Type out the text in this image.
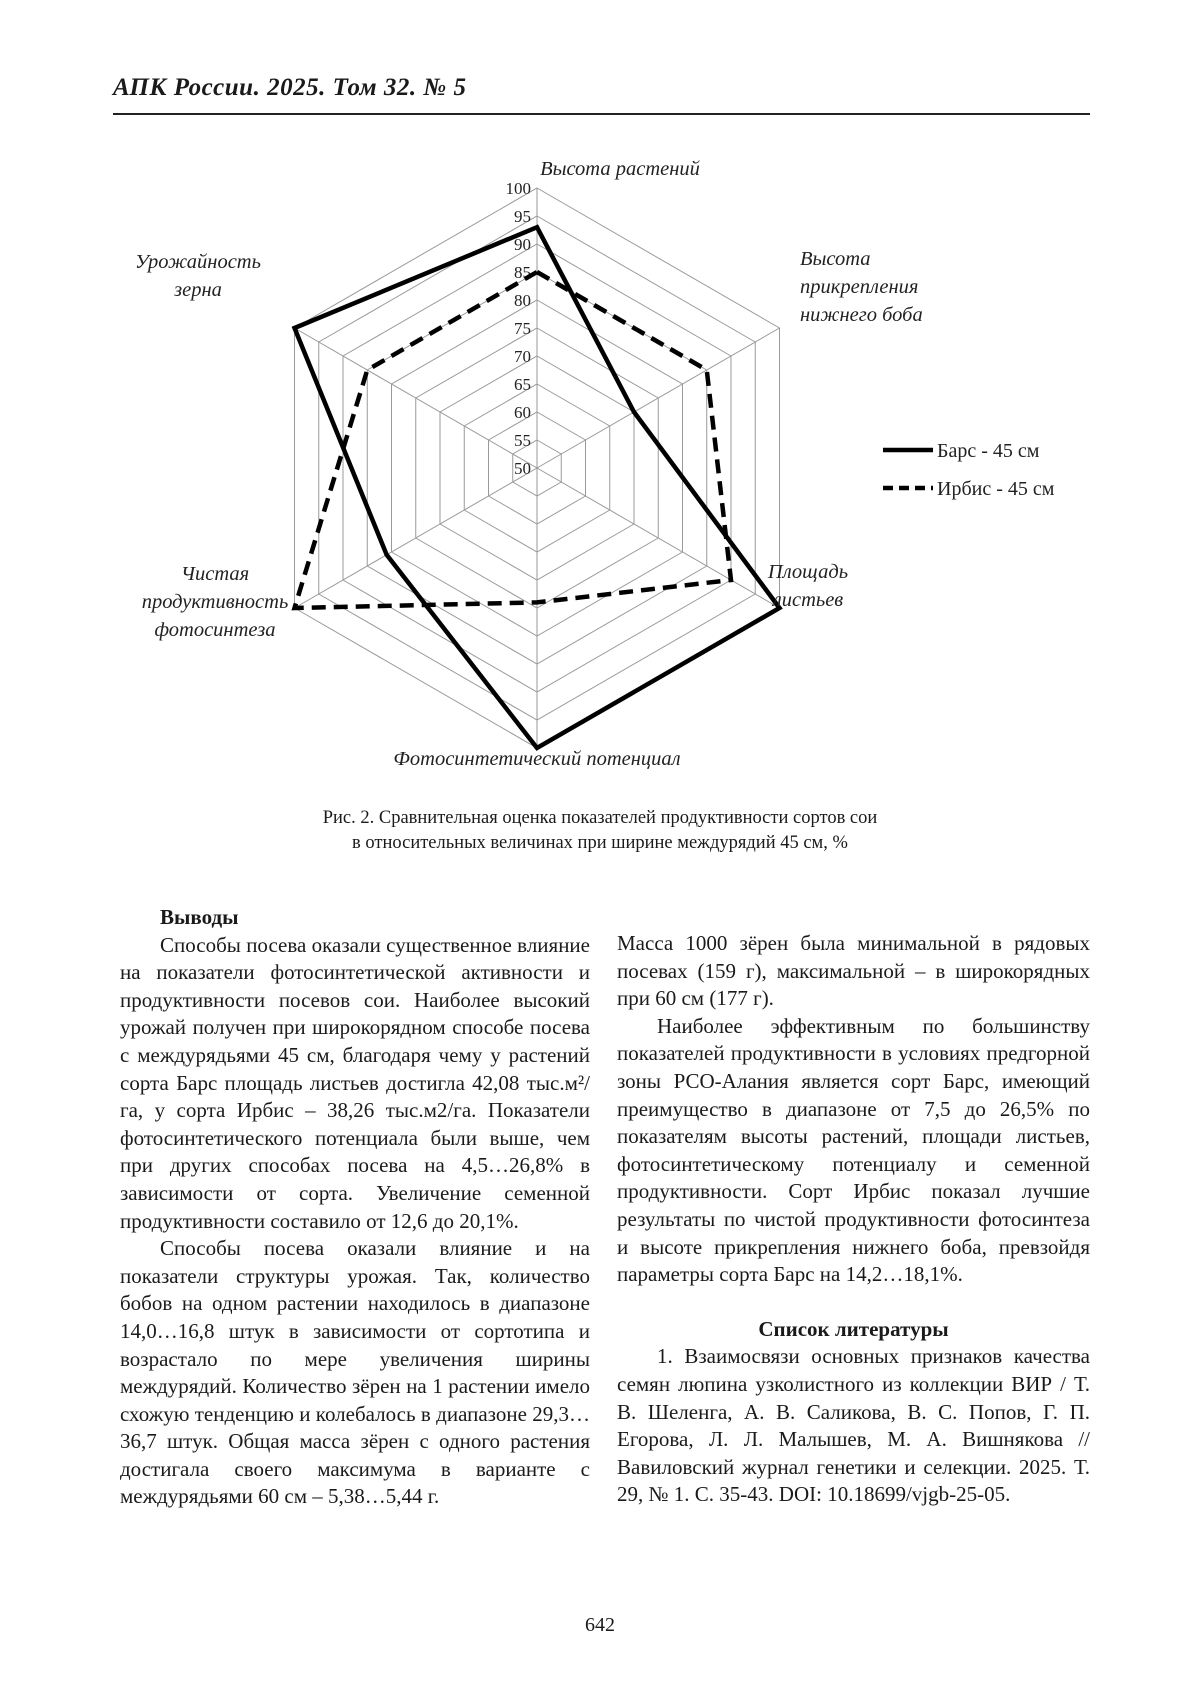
АПК России. 2025. Том 32. № 5
50
55
60
65
70
75
80
85
90
95
100
Высота растений
Высота прикрепления нижнего боба
Площадь листьев
Фотосинтетический потенциал
Чистая продуктивность фотосинтеза
Урожайность зерна
Барс - 45 см
Ирбис - 45 см
Рис. 2. Сравнительная оценка показателей продуктивности сортов сои
в относительных величинах при ширине междурядий 45 см, %

Выводы

Способы посева оказали существенное влияние на показатели фотосинтетической активности и продуктивности посевов сои. Наиболее высокий урожай получен при широкорядном способе посева с междурядьями 45 см, благодаря чему у растений сорта Барс площадь листьев достигла 42,08 тыс.м²/га, у сорта Ирбис – 38,26 тыс.м2/га. Показатели фотосинтетического потенциала были выше, чем при других способах посева на 4,5…26,8% в зависимости от сорта. Увеличение семенной продуктивности составило от 12,6 до 20,1%.

Способы посева оказали влияние и на показатели структуры урожая. Так, количество бобов на одном растении находилось в диапазоне 14,0…16,8 штук в зависимости от сортотипа и возрастало по мере увеличения ширины междурядий. Количество зёрен на 1 растении имело схожую тенденцию и колебалось в диапазоне 29,3…36,7 штук. Общая масса зёрен с одного растения достигала своего максимума в варианте с междурядьями 60 см – 5,38…5,44 г.

Масса 1000 зёрен была минимальной в рядовых посевах (159 г), максимальной – в широкорядных при 60 см (177 г).

Наиболее эффективным по большинству показателей продуктивности в условиях предгорной зоны РСО-Алания является сорт Барс, имеющий преимущество в диапазоне от 7,5 до 26,5% по показателям высоты растений, площади листьев, фотосинтетическому потенциалу и семенной продуктивности. Сорт Ирбис показал лучшие результаты по чистой продуктивности фотосинтеза и высоте прикрепления нижнего боба, превзойдя параметры сорта Барс на 14,2…18,1%.

Список литературы

1. Взаимосвязи основных признаков качества семян люпина узколистного из коллекции ВИР / Т. В. Шеленга, А. В. Саликова, В. С. Попов, Г. П. Егорова, Л. Л. Малышев, М. А. Вишнякова // Вавиловский журнал генетики и селекции. 2025. Т. 29, № 1. С. 35-43. DOI: 10.18699/vjgb-25-05.

642
